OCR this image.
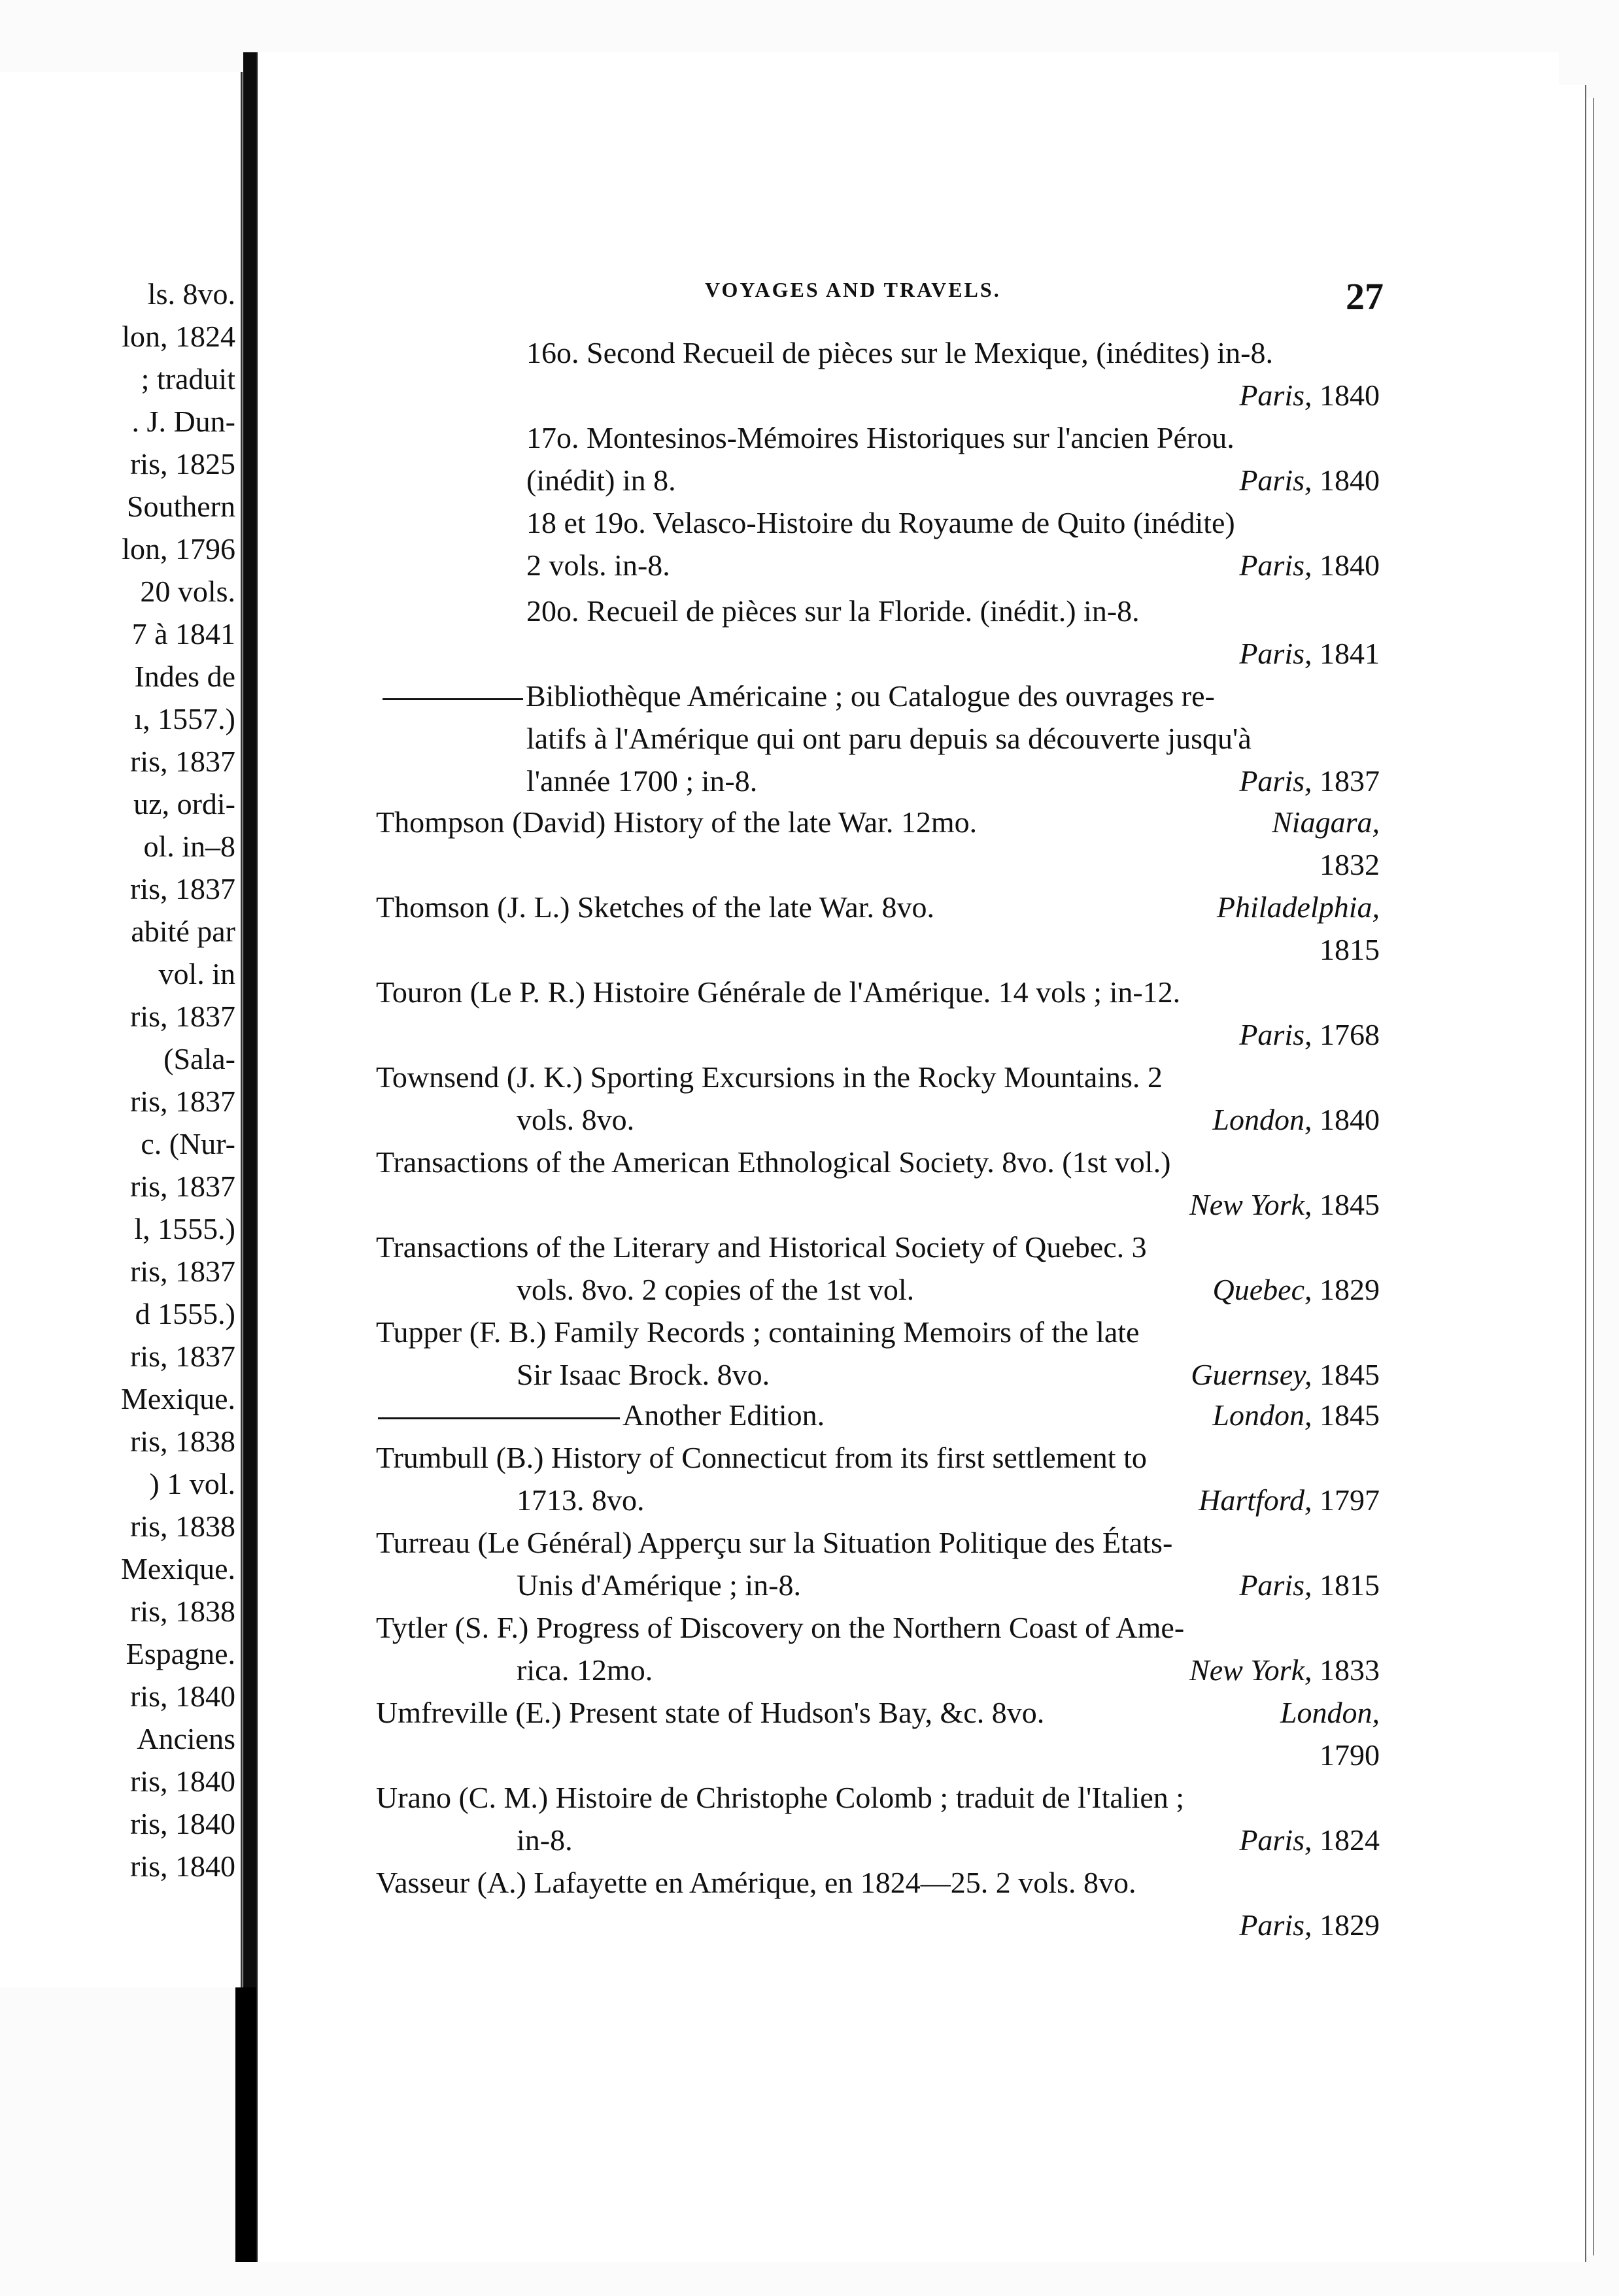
ls. 8vo.
lon, 1824
; traduit
. J. Dun-
ris, 1825
Southern
lon, 1796
20 vols.
7 à 1841
Indes de
ı, 1557.)
ris, 1837
uz, ordi-
ol. in–8
ris, 1837
abité par
vol. in
ris, 1837
(Sala-
ris, 1837
c. (Nur-
ris, 1837
l, 1555.)
ris, 1837
d 1555.)
ris, 1837
Mexique.
ris, 1838
) 1 vol.
ris, 1838
Mexique.
ris, 1838
Espagne.
ris, 1840
Anciens
ris, 1840
ris, 1840
ris, 1840
VOYAGES AND TRAVELS.	27
16o. Second Recueil de pièces sur le Mexique, (inédites) in-8.
Paris, 1840
17o. Montesinos-Mémoires Historiques sur l'ancien Pérou.
(inédit) in 8.	Paris, 1840
18 et 19o. Velasco-Histoire du Royaume de Quito (inédite)
2 vols. in-8.	Paris, 1840
20o. Recueil de pièces sur la Floride. (inédit.) in-8.
Paris, 1841
Bibliothèque Américaine ; ou Catalogue des ouvrages re-
latifs à l'Amérique qui ont paru depuis sa découverte jusqu'à
l'année 1700 ; in-8.	Paris, 1837
Thompson (David) History of the late War. 12mo.	Niagara,
1832
Thomson (J. L.) Sketches of the late War. 8vo.	Philadelphia,
1815
Touron (Le P. R.) Histoire Générale de l'Amérique. 14 vols ; in-12.
Paris, 1768
Townsend (J. K.) Sporting Excursions in the Rocky Mountains. 2
vols. 8vo.	London, 1840
Transactions of the American Ethnological Society. 8vo. (1st vol.)
New York, 1845
Transactions of the Literary and Historical Society of Quebec. 3
vols. 8vo. 2 copies of the 1st vol.	Quebec, 1829
Tupper (F. B.) Family Records ; containing Memoirs of the late
Sir Isaac Brock. 8vo.	Guernsey, 1845
Another Edition.	London, 1845
Trumbull (B.) History of Connecticut from its first settlement to
1713. 8vo.	Hartford, 1797
Turreau (Le Général) Apperçu sur la Situation Politique des États-
Unis d'Amérique ; in-8.	Paris, 1815
Tytler (S. F.) Progress of Discovery on the Northern Coast of Ame-
rica. 12mo.	New York, 1833
Umfreville (E.) Present state of Hudson's Bay, &c. 8vo.	London,
1790
Urano (C. M.) Histoire de Christophe Colomb ; traduit de l'Italien ;
in-8.	Paris, 1824
Vasseur (A.) Lafayette en Amérique, en 1824—25. 2 vols. 8vo.
Paris, 1829
